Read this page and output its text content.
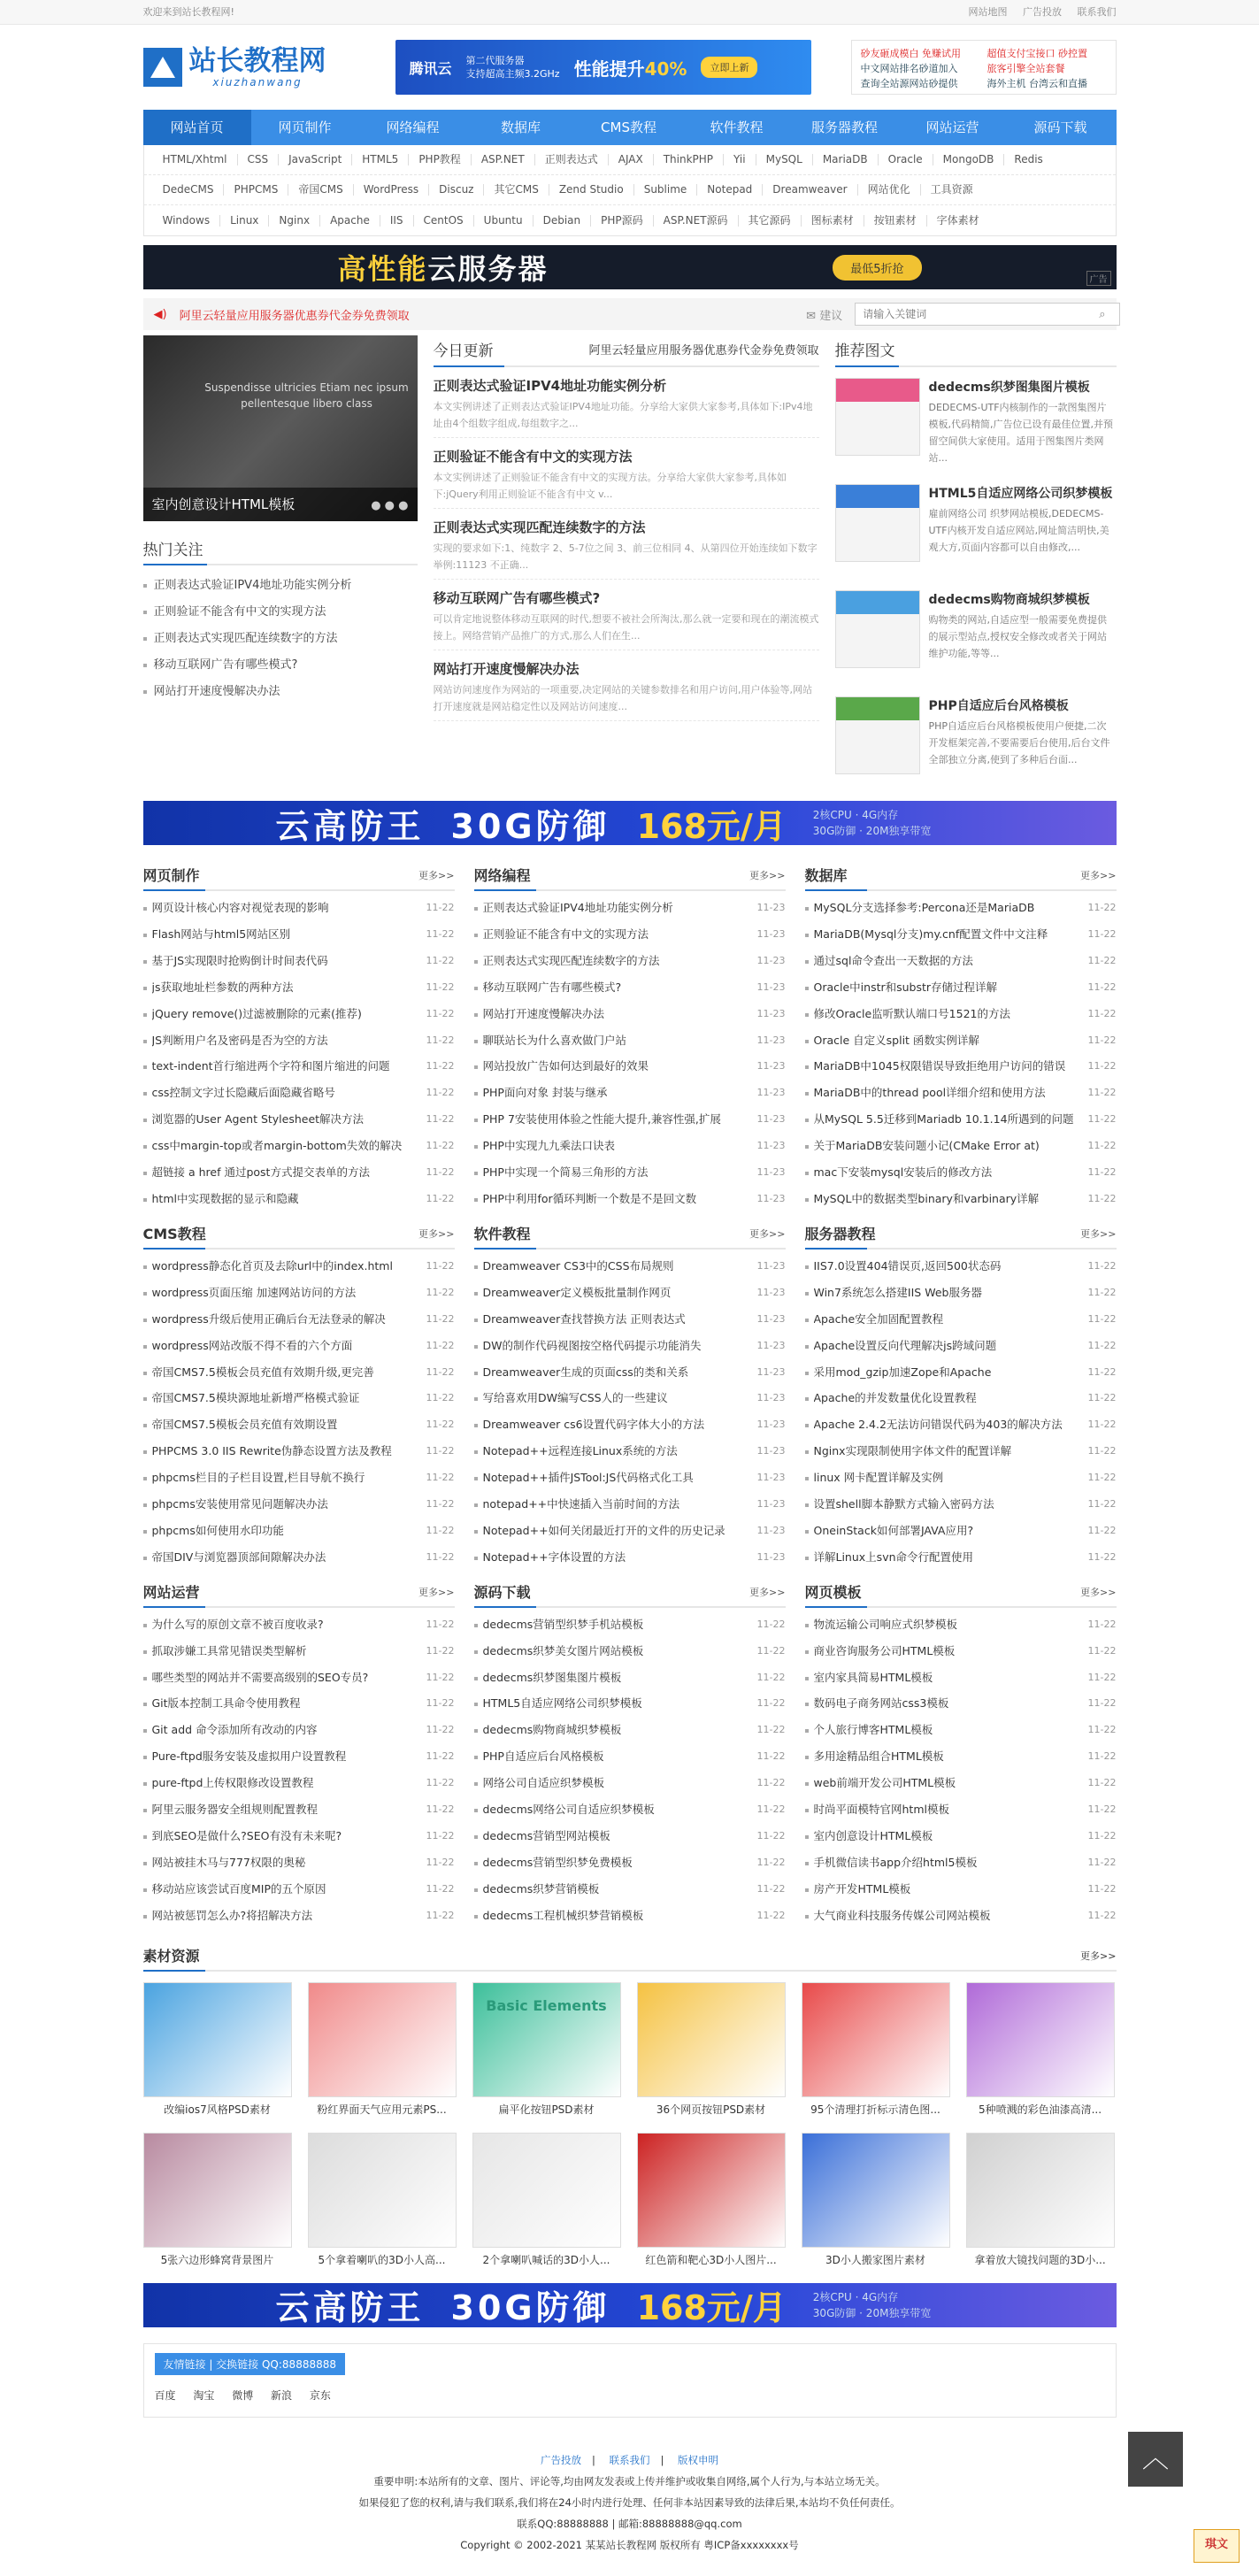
欢迎来到站长教程网!	网站地图 广告投放 联系我们
站长教程网
xiuzhanwang
腾讯云 第二代服务器
支持超高主频3.2GHz 性能提升40%	立即上新
砂友砸成模白 免赚试用	超值支付宝接口 砂控置
中文网站排名砂道加入	旅客引擎全站套餐
查询全站源网站砂提供	海外主机 台湾云和直播
网站首页	网页制作	网络编程	数据库	CMS教程	软件教程	服务器教程	网站运营	源码下载
HTML/Xhtml	CSS	JavaScript	HTML5	PHP教程	ASP.NET	正则表达式	AJAX	ThinkPHP	Yii	MySQL	MariaDB	Oracle	MongoDB	Redis
DedeCMS	PHPCMS	帝国CMS	WordPress	Discuz	其它CMS	Zend Studio	Sublime	Notepad	Dreamweaver	网站优化	工具资源
Windows	Linux	Nginx	Apache	IIS	CentOS	Ubuntu	Debian	PHP源码	ASP.NET源码	其它源码	图标素材	按钮素材	字体素材
高性能云服务器	最低5折抢
广告
◀) 阿里云轻量应用服务器优惠券代金券免费领取	✉ 建议
请输入关键词	⌕
Suspendisse ultricies Etiam nec ipsum pellentesque libero class
室内创意设计HTML模板	● ● ●
热门关注
正则表达式验证IPV4地址功能实例分析
正则验证不能含有中文的实现方法
正则表达式实现匹配连续数字的方法
移动互联网广告有哪些模式?
网站打开速度慢解决办法
今日更新	阿里云轻量应用服务器优惠券代金券免费领取
正则表达式验证IPV4地址功能实例分析

本文实例讲述了正则表达式验证IPV4地址功能。分享给大家供大家参考,具体如下:IPv4地址由4个组数字组成,每组数字之...

正则验证不能含有中文的实现方法

本文实例讲述了正则验证不能含有中文的实现方法。分享给大家供大家参考,具体如下:jQuery利用正则验证不能含有中文 v...

正则表达式实现匹配连续数字的方法

实现的要求如下:1、纯数字 2、5-7位之间 3、前三位相同 4、从第四位开始连续如下数字举例:11123 不正确...

移动互联网广告有哪些模式?

可以肯定地说整体移动互联网的时代,想要不被社会所淘汰,那么就一定要和现在的潮流模式接上。网络营销产品推广的方式,那么人们在生...

网站打开速度慢解决办法

网站访问速度作为网站的一项重要,决定网站的关键参数排名和用户访问,用户体验等,网站打开速度就是网站稳定性以及网站访问速度...

推荐图文
dedecms织梦图集图片模板

DEDECMS-UTF内核制作的一款图集图片模板,代码精简,广告位已设有最佳位置,并预留空间供大家使用。适用于图集图片类网站...

HTML5自适应网络公司织梦模板

雇前网络公司 织梦网站模板,DEDECMS-UTF内核开发自适应网站,网址简洁明快,美观大方,页面内容都可以自由修改,...

dedecms购物商城织梦模板

购物类的网站,自适应型一般需要免费提供的展示型站点,授权安全修改或者关于网站维护功能,等等...

PHP自适应后台风格模板

PHP自适应后台风格模板使用户便捷,二次开发框架完善,不要需要后台使用,后台文件全部独立分离,使到了多种后台面...

云高防王 30G防御 168元/月	2核CPU · 4G内存
30G防御 · 20M独享带宽
网页制作	更多>>
网页设计核心内容对视觉表现的影响	11-22
Flash网站与html5网站区别	11-22
基于JS实现限时抢购倒计时间表代码	11-22
js获取地址栏参数的两种方法	11-22
jQuery remove()过滤被删除的元素(推荐)	11-22
JS判断用户名及密码是否为空的方法	11-22
text-indent首行缩进两个字符和图片缩进的问题	11-22
css控制文字过长隐藏后面隐藏省略号	11-22
浏览器的User Agent Stylesheet解决方法	11-22
css中margin-top或者margin-bottom失效的解决 11-22
超链接 a href 通过post方式提交表单的方法	11-22
html中实现数据的显示和隐藏	11-22
网络编程	更多>>
正则表达式验证IPV4地址功能实例分析	11-23
正则验证不能含有中文的实现方法	11-23
正则表达式实现匹配连续数字的方法	11-23
移动互联网广告有哪些模式?	11-23
网站打开速度慢解决办法	11-23
聊联站长为什么喜欢做门户站	11-23
网站投放广告如何达到最好的效果	11-23
PHP面向对象 封装与继承	11-23
PHP 7安装使用体验之性能大提升,兼容性强,扩展	11-23
PHP中实现九九乘法口诀表	11-23
PHP中实现一个简易三角形的方法	11-23
PHP中利用for循环判断一个数是不是回文数	11-23
数据库	更多>>
MySQL分支选择参考:Percona还是MariaDB	11-22
MariaDB(Mysql分支)my.cnf配置文件中文注释	11-22
通过sql命令查出一天数据的方法	11-22
Oracle中instr和substr存储过程详解	11-22
修改Oracle监听默认端口号1521的方法	11-22
Oracle 自定义split 函数实例详解	11-22
MariaDB中1045权限错误导致拒绝用户访问的错误 11-22
MariaDB中的thread pool详细介绍和使用方法	11-22
从MySQL 5.5迁移到Mariadb 10.1.14所遇到的问题 11-22
关于MariaDB安装问题小记(CMake Error at)	11-22
mac下安装mysql安装后的修改方法	11-22
MySQL中的数据类型binary和varbinary详解	11-22
CMS教程	更多>>
wordpress静态化首页及去除url中的index.html	11-22
wordpress页面压缩 加速网站访问的方法	11-22
wordpress升级后使用正确后台无法登录的解决	11-22
wordpress网站改版不得不看的六个方面	11-22
帝国CMS7.5模板会员充值有效期升级,更完善	11-22
帝国CMS7.5模块源地址新增严格模式验证	11-22
帝国CMS7.5模板会员充值有效期设置	11-22
PHPCMS 3.0 IIS Rewrite伪静态设置方法及教程	11-22
phpcms栏目的子栏目设置,栏目导航不换行	11-22
phpcms安装使用常见问题解决办法	11-22
phpcms如何使用水印功能	11-22
帝国DIV与浏览器顶部间隙解决办法	11-22
软件教程	更多>>
Dreamweaver CS3中的CSS布局规则	11-23
Dreamweaver定义模板批量制作网页	11-23
Dreamweaver查找替换方法 正则表达式	11-23
DW的制作代码视图按空格代码提示功能消失	11-23
Dreamweaver生成的页面css的类和关系	11-23
写给喜欢用DW编写CSS人的一些建议	11-23
Dreamweaver cs6设置代码字体大小的方法	11-23
Notepad++远程连接Linux系统的方法	11-23
Notepad++插件JSTool:JS代码格式化工具	11-23
notepad++中快速插入当前时间的方法	11-23
Notepad++如何关闭最近打开的文件的历史记录	11-23
Notepad++字体设置的方法	11-23
服务器教程	更多>>
IIS7.0设置404错误页,返回500状态码	11-22
Win7系统怎么搭建IIS Web服务器	11-22
Apache安全加固配置教程	11-22
Apache设置反向代理解决js跨域问题	11-22
采用mod_gzip加速Zope和Apache	11-22
Apache的并发数量优化设置教程	11-22
Apache 2.4.2无法访问错误代码为403的解决方法	11-22
Nginx实现限制使用字体文件的配置详解	11-22
linux 网卡配置详解及实例	11-22
设置shell脚本静默方式输入密码方法	11-22
OneinStack如何部署JAVA应用?	11-22
详解Linux上svn命令行配置使用	11-22
网站运营	更多>>
为什么写的原创文章不被百度收录?	11-22
抓取涉嫌工具常见错误类型解析	11-22
哪些类型的网站并不需要高级别的SEO专员?	11-22
Git版本控制工具命令使用教程	11-22
Git add 命令添加所有改动的内容	11-22
Pure-ftpd服务安装及虚拟用户设置教程	11-22
pure-ftpd上传权限修改设置教程	11-22
阿里云服务器安全组规则配置教程	11-22
到底SEO是做什么?SEO有没有未来呢?	11-22
网站被挂木马与777权限的奥秘	11-22
移动站应该尝试百度MIP的五个原因	11-22
网站被惩罚怎么办?将招解决方法	11-22
源码下载	更多>>
dedecms营销型织梦手机站模板	11-22
dedecms织梦美女图片网站模板	11-22
dedecms织梦图集图片模板	11-22
HTML5自适应网络公司织梦模板	11-22
dedecms购物商城织梦模板	11-22
PHP自适应后台风格模板	11-22
网络公司自适应织梦模板	11-22
dedecms网络公司自适应织梦模板	11-22
dedecms营销型网站模板	11-22
dedecms营销型织梦免费模板	11-22
dedecms织梦营销模板	11-22
dedecms工程机械织梦营销模板	11-22
网页模板	更多>>
物流运输公司响应式织梦模板	11-22
商业咨询服务公司HTML模板	11-22
室内家具简易HTML模板	11-22
数码电子商务网站css3模板	11-22
个人旅行博客HTML模板	11-22
多用途精品组合HTML模板	11-22
web前端开发公司HTML模板	11-22
时尚平面模特官网html模板	11-22
室内创意设计HTML模板	11-22
手机微信读书app介绍html5模板	11-22
房产开发HTML模板	11-22
大气商业科技服务传媒公司网站模板	11-22
素材资源	更多>>
改编ios7风格PSD素材	粉红界面天气应用元素PS...
Basic Elements
扁平化按钮PSD素材	36个网页按钮PSD素材	95个清理打折标示清色图...	5种喷溅的彩色油漆高清...
5张六边形蜂窝背景图片	5个拿着喇叭的3D小人高...	2个拿喇叭喊话的3D小人...	红色箭和靶心3D小人图片...	3D小人搬家图片素材	拿着放大镜找问题的3D小...
云高防王 30G防御 168元/月	2核CPU · 4G内存
30G防御 · 20M独享带宽
友情链接 | 交换链接 QQ:88888888
百度 淘宝 微博 新浪 京东
广告投放 | 联系我们 | 版权申明
重要申明:本站所有的文章、图片、评论等,均由网友发表或上传并维护或收集自网络,属个人行为,与本站立场无关。
如果侵犯了您的权利,请与我们联系,我们将在24小时内进行处理、任何非本站因素导致的法律后果,本站均不负任何责任。
联系QQ:88888888 | 邮箱:88888888@qq.com
Copyright © 2002-2021 某某站长教程网 版权所有 粤ICP备xxxxxxxx号
︿
琪文
